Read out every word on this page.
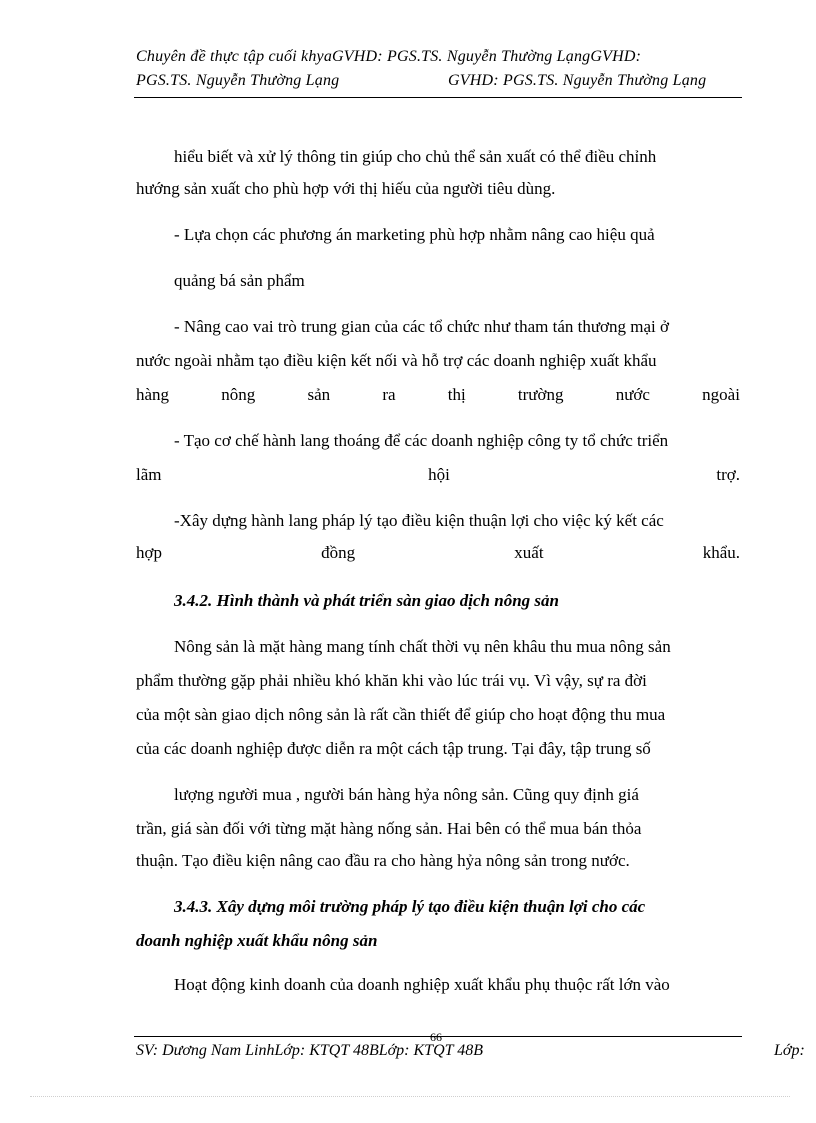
Chuyên đề thực tập cuối khyaGVHD: PGS.TS. Nguyễn Thường LạngGVHD:
PGS.TS. Nguyễn Thường Lạng	GVHD: PGS.TS. Nguyễn Thường Lạng
hiểu biết và xử lý thông tin giúp cho chủ thể sản xuất có thể điều chỉnh
hướng sản xuất cho phù hợp với thị hiếu của người tiêu dùng.
- Lựa chọn các phương án marketing phù hợp nhằm nâng cao hiệu quả
quảng bá sản phẩm
- Nâng cao vai trò trung gian của các tổ chức như tham tán thương mại ở
nước ngoài nhằm tạo điều kiện kết nối và hỗ trợ các doanh nghiệp xuất khẩu
hàng	nông	sản	ra	thị	trường	nước	ngoài
- Tạo cơ chế hành lang thoáng để các doanh nghiệp công ty tổ chức triển
lãm	hội	trợ.
-Xây dựng hành lang pháp lý tạo điều kiện thuận lợi cho việc ký kết các
hợp	đồng	xuất	khẩu.
3.4.2. Hình thành và phát triển sàn giao dịch nông sản
Nông sản là mặt hàng mang tính chất thời vụ nên khâu thu mua nông sản
phẩm thường gặp phải nhiều khó khăn khi vào lúc trái vụ. Vì vậy, sự ra đời
của một sàn giao dịch nông sản là rất cần thiết để giúp cho hoạt động thu mua
của các doanh nghiệp được diễn ra một cách tập trung. Tại đây, tập trung số
lượng người mua , người bán hàng hỷa nông sản. Cũng quy định giá
trần, giá sàn đối với từng mặt hàng nống sản. Hai bên có thể mua bán thỏa
thuận. Tạo điều kiện nâng cao đầu ra cho hàng hỷa nông sản trong nước.
3.4.3. Xây dựng môi trường pháp lý tạo điều kiện thuận lợi cho các
doanh nghiệp xuất khẩu nông sản
Hoạt động kinh doanh của doanh nghiệp xuất khẩu phụ thuộc rất lớn vào
66
SV: Dương Nam LinhLớp: KTQT 48BLớp: KTQT 48B	Lớp:
